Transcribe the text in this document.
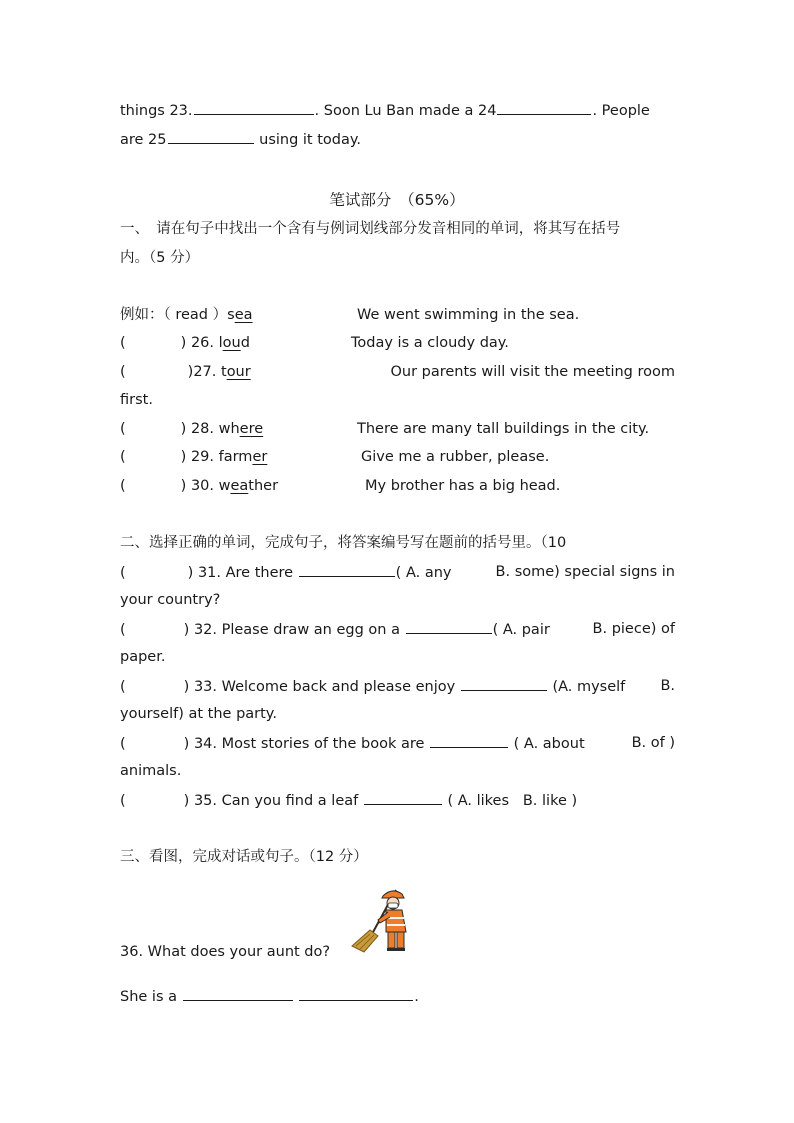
things 23.	. Soon Lu Ban made a 24	. People
are 25	using it today.
笔试部分　（65%）
一、　请在句子中找出一个含有与例词划线部分发音相同的单词，将其写在括号
内。（5 分）
例如：（ read ）sea	We went swimming in the sea.
(	) 26. loud	Today is a cloudy day.
(	)27. tour	Our parents will visit the meeting room
first.
(	) 28. where	There are many tall buildings in the city.
(	) 29. farmer	Give me a rubber, please.
(	) 30. weather	My brother has a big head.
二、选择正确的单词，完成句子，将答案编号写在题前的括号里。（10
(	) 31. Are there	( A. any	B. some) special signs in
your country?
(	) 32. Please draw an egg on a	( A. pair	B. piece) of
paper.
(	) 33. Welcome back and please enjoy	(A. myself B.
yourself) at the party.
(	) 34. Most stories of the book are	( A. about	B. of )
animals.
(	) 35. Can you find a leaf	( A. likes B. like )
三、看图，完成对话或句子。（12 分）
36. What does your aunt do?
She is a	.
